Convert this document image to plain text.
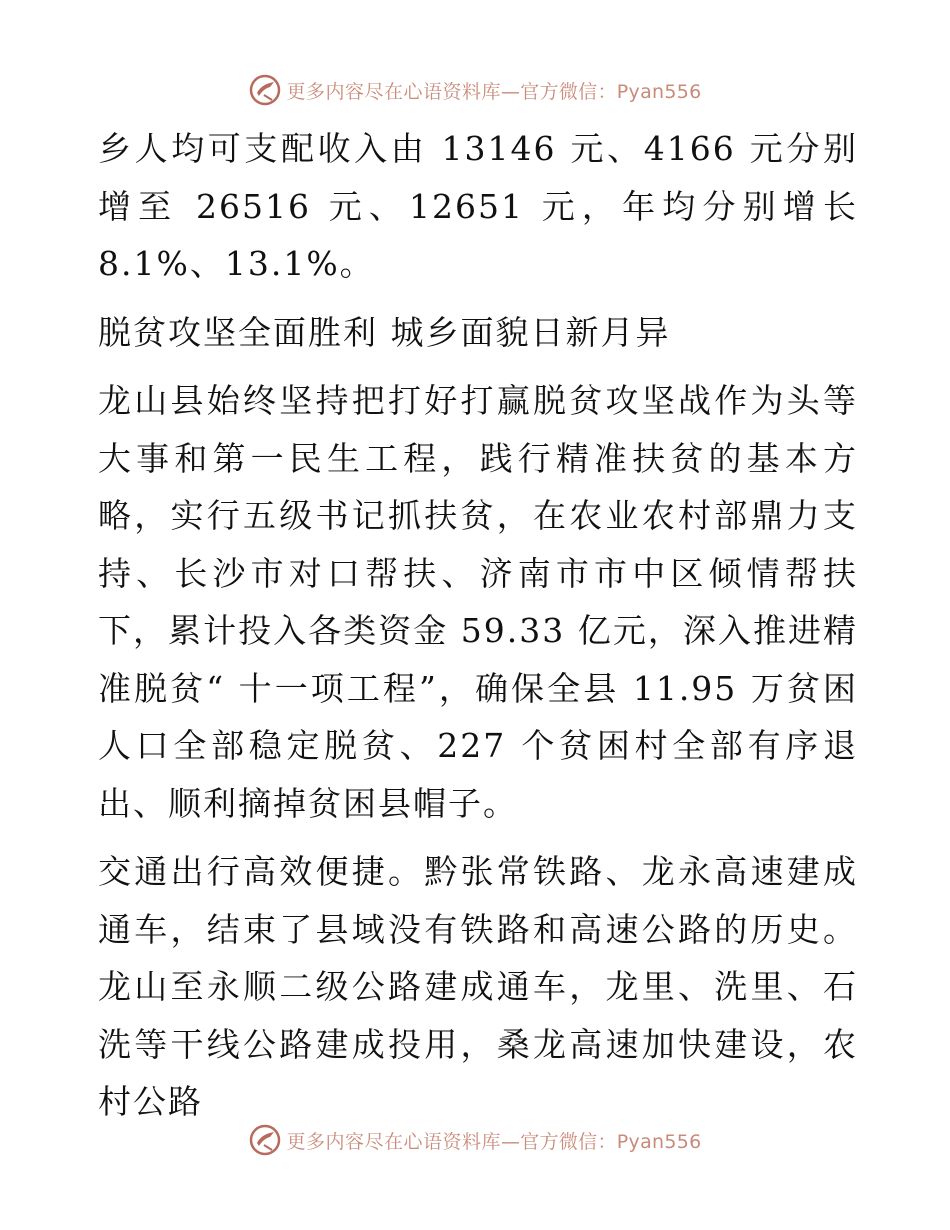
更多内容尽在心语资料库 —官方微信：Pyan556

乡人均可支配收入由 13146 元、4166 元分别增至 26516 元、12651 元，年均分别增长 8.1%、13.1%。

脱贫攻坚全面胜利 城乡面貌日新月异

龙山县始终坚持把打好打赢脱贫攻坚战作为头等大事和第一民生工程，践行精准扶贫的基本方略，实行五级书记抓扶贫，在农业农村部鼎力支持、长沙市对口帮扶、济南市市中区倾情帮扶下，累计投入各类资金 59.33 亿元，深入推进精准脱贫“ 十一项工程”，确保全县 11.95 万贫困人口全部稳定脱贫、227 个贫困村全部有序退出、顺利摘掉贫困县帽子。

交通出行高效便捷。黔张常铁路、龙永高速建成通车，结束了县域没有铁路和高速公路的历史。龙山至永顺二级公路建成通车，龙里、洗里、石洗等干线公路建成投用，桑龙高速加快建设，农村公路

更多内容尽在心语资料库 —官方微信：Pyan556
